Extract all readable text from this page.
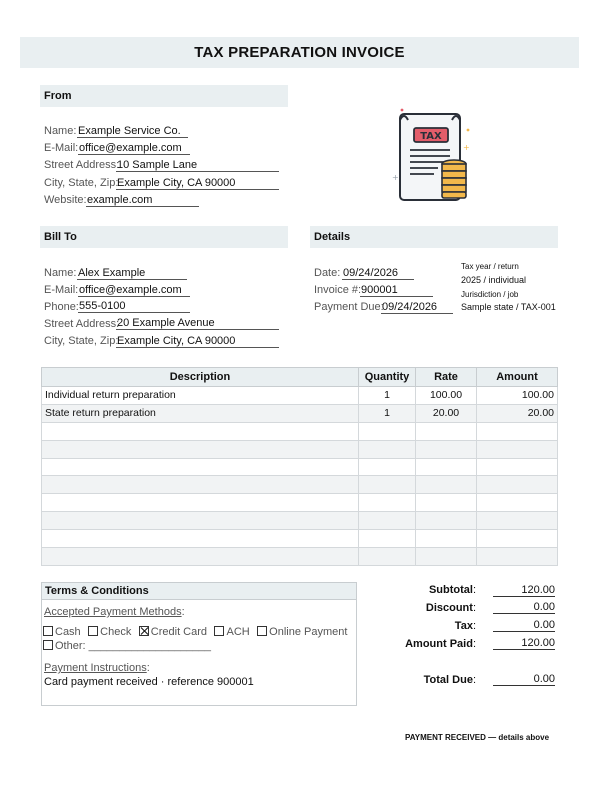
TAX PREPARATION INVOICE
From
Name: Example Service Co.
E-Mail: office@example.com
Street Address:
10 Sample Lane
City, State, Zip:
Example City, CA 90000
Website: example.com
+
+
TAX
Bill To
Name: Alex Example
E-Mail: office@example.com
Phone: 555-0100
Street Address:
20 Example Avenue
City, State, Zip:
Example City, CA 90000
Details
Date: 09/24/2026
Invoice #: 900001
Payment Due:
09/24/2026
Tax year / return
2025 / individual
Jurisdiction / job
Sample state / TAX-001
Description	Quantity	Rate	Amount
Individual return preparation	1	100.00	100.00
State return preparation	1	20.00	20.00

Terms & Conditions
Accepted Payment Methods:
Cash Check Credit Card ACH Online Payment
Other: ____________________
Payment Instructions:
Card payment received · reference 900001
Subtotal:	120.00
Discount:	0.00
Tax:	0.00
Amount Paid:	120.00
Total Due:	0.00
PAYMENT RECEIVED — details above
